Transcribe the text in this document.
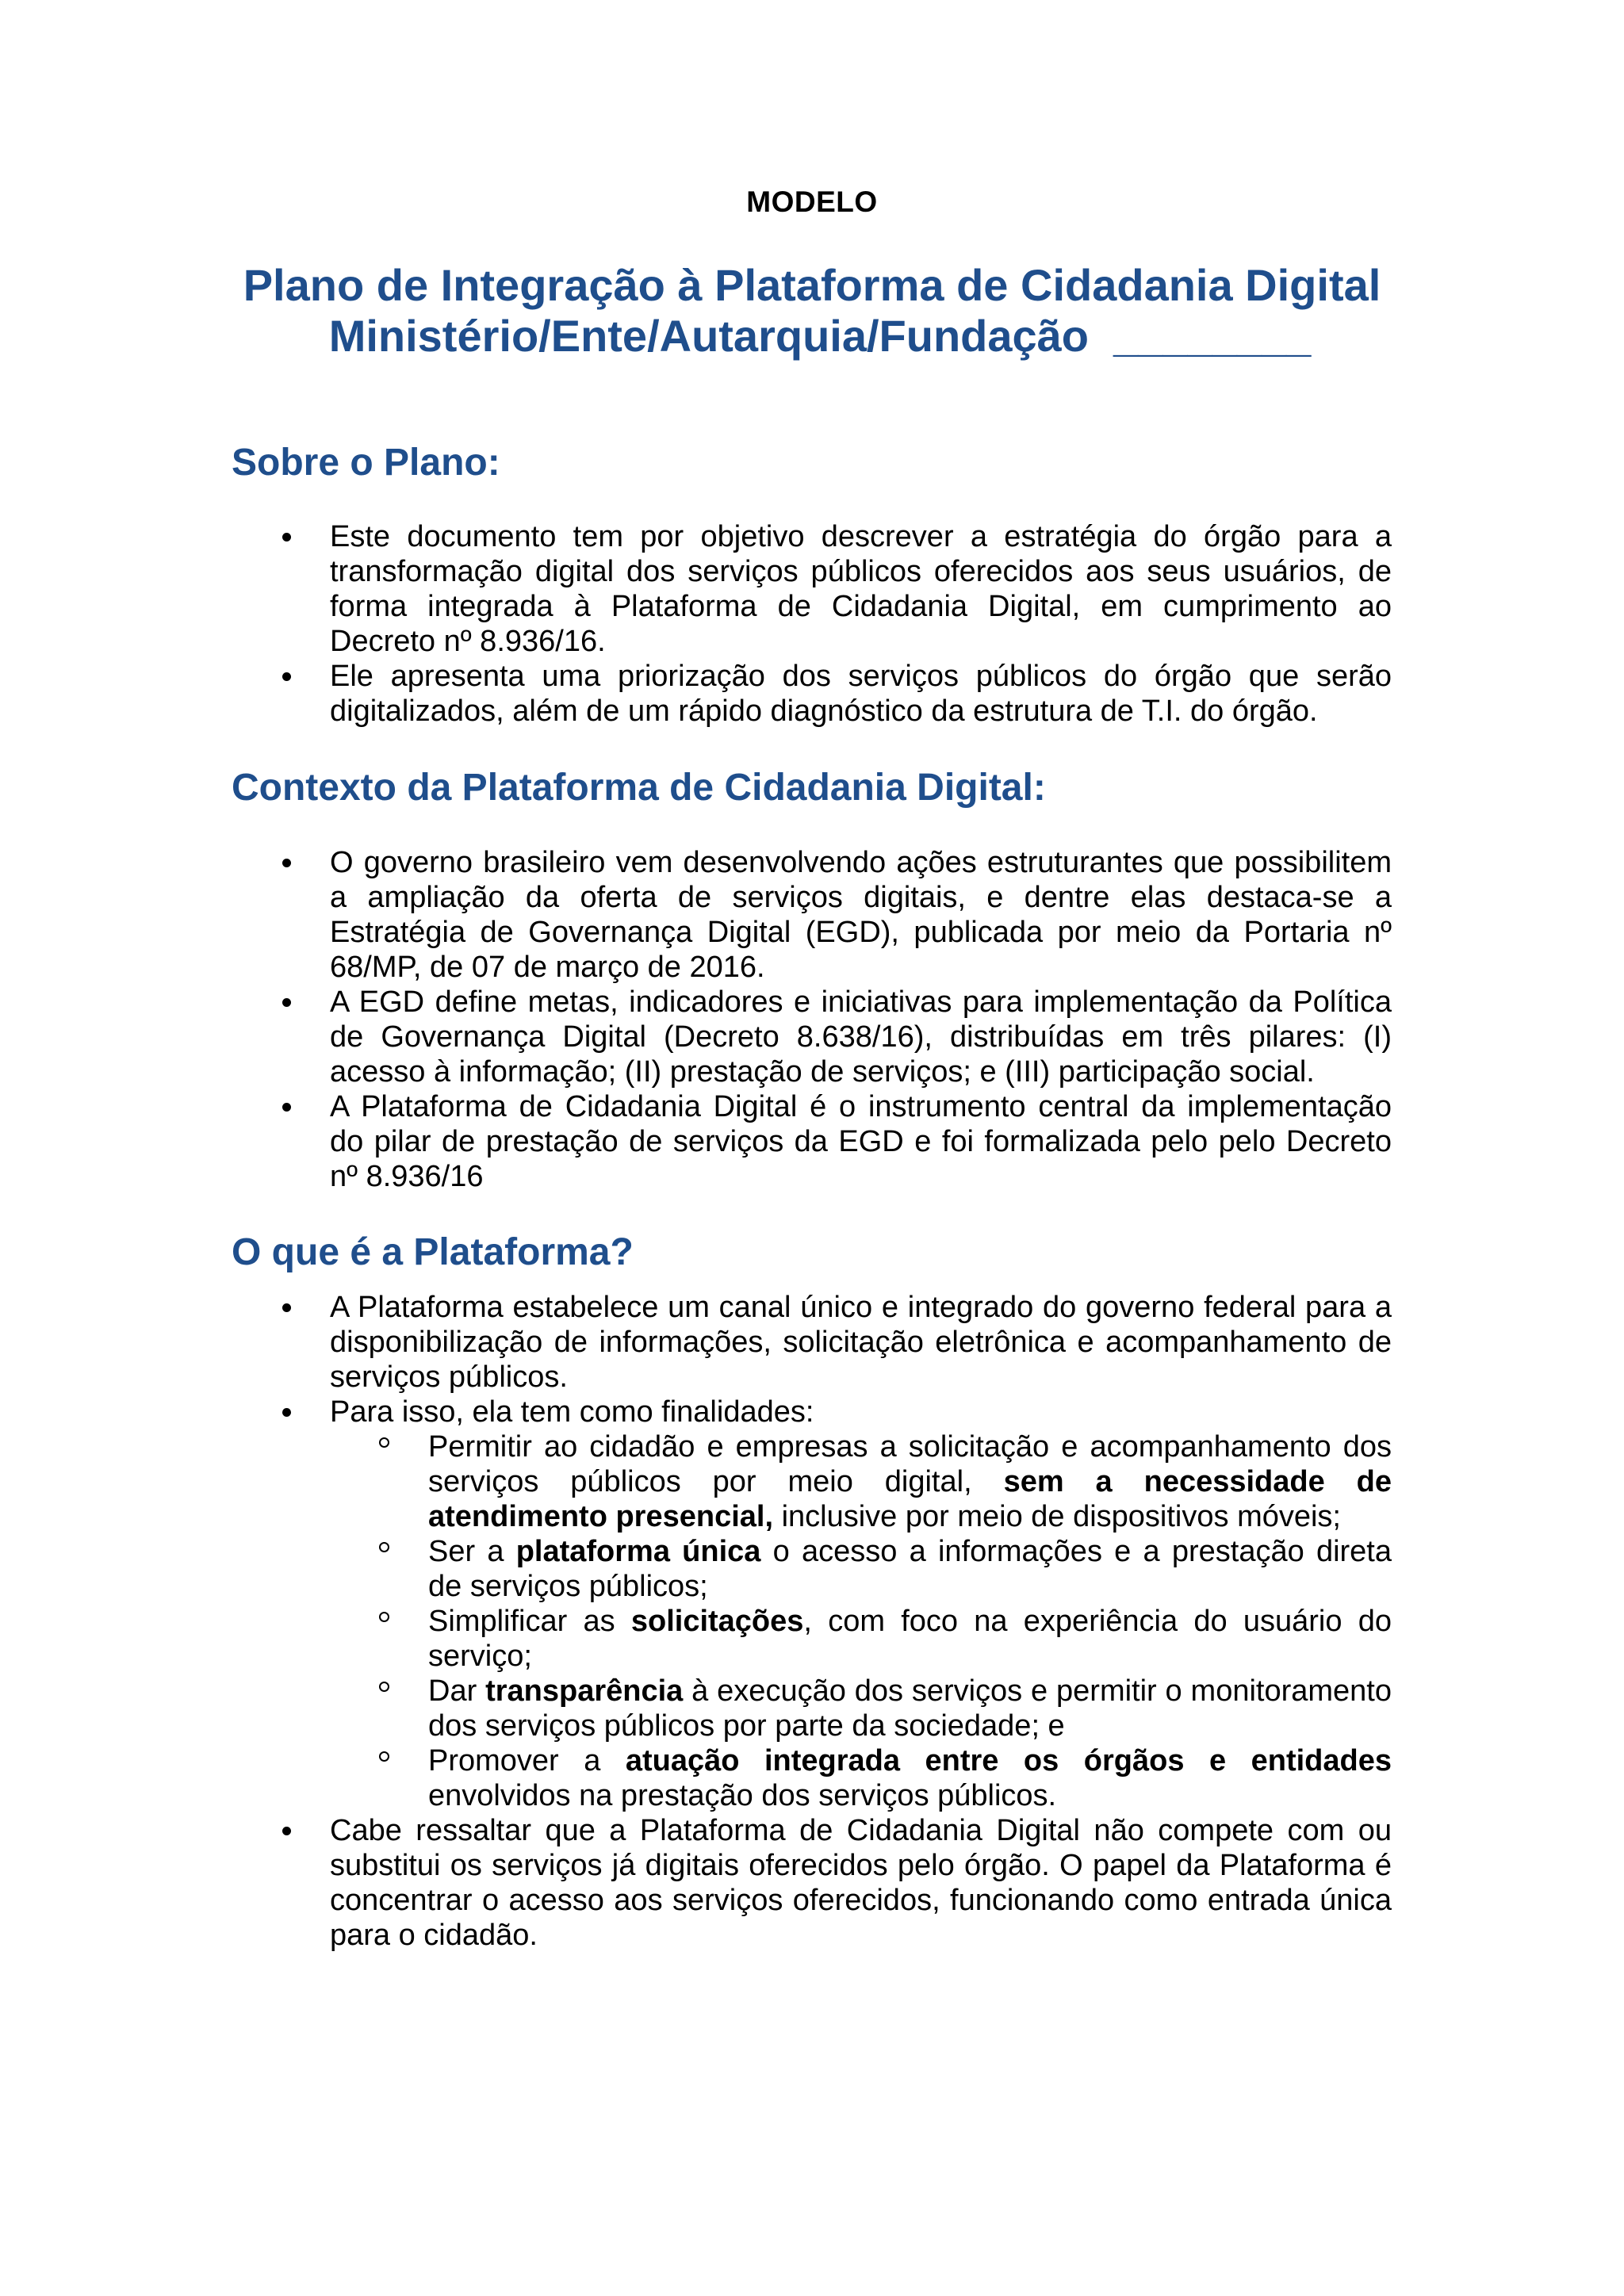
MODELO
Plano de Integração à Plataforma de Cidadania Digital
Ministério/Ente/Autarquia/Fundação ________
Sobre o Plano:
Este documento tem por objetivo descrever a estratégia do órgão para a transformação digital dos serviços públicos oferecidos aos seus usuários, de forma integrada à Plataforma de Cidadania Digital, em cumprimento ao Decreto nº 8.936/16.
Ele apresenta uma priorização dos serviços públicos do órgão que serão digitalizados, além de um rápido diagnóstico da estrutura de T.I. do órgão.
Contexto da Plataforma de Cidadania Digital:
O governo brasileiro vem desenvolvendo ações estruturantes que possibilitem a ampliação da oferta de serviços digitais, e dentre elas destaca-se a Estratégia de Governança Digital (EGD), publicada por meio da Portaria nº 68/MP, de 07 de março de 2016.
A EGD define metas, indicadores e iniciativas para implementação da Política de Governança Digital (Decreto 8.638/16), distribuídas em três pilares: (I) acesso à informação; (II) prestação de serviços; e (III) participação social.
A Plataforma de Cidadania Digital é o instrumento central da implementação do pilar de prestação de serviços da EGD e foi formalizada pelo pelo Decreto nº 8.936/16
O que é a Plataforma?
A Plataforma estabelece um canal único e integrado do governo federal para a disponibilização de informações, solicitação eletrônica e acompanhamento de serviços públicos.
Para isso, ela tem como finalidades:
Permitir ao cidadão e empresas a solicitação e acompanhamento dos serviços públicos por meio digital, sem a necessidade de atendimento presencial, inclusive por meio de dispositivos móveis;
Ser a plataforma única o acesso a informações e a prestação direta de serviços públicos;
Simplificar as solicitações, com foco na experiência do usuário do serviço;
Dar transparência à execução dos serviços e permitir o monitoramento dos serviços públicos por parte da sociedade; e
Promover a atuação integrada entre os órgãos e entidades envolvidos na prestação dos serviços públicos.
Cabe ressaltar que a Plataforma de Cidadania Digital não compete com ou substitui os serviços já digitais oferecidos pelo órgão. O papel da Plataforma é concentrar o acesso aos serviços oferecidos, funcionando como entrada única para o cidadão.
